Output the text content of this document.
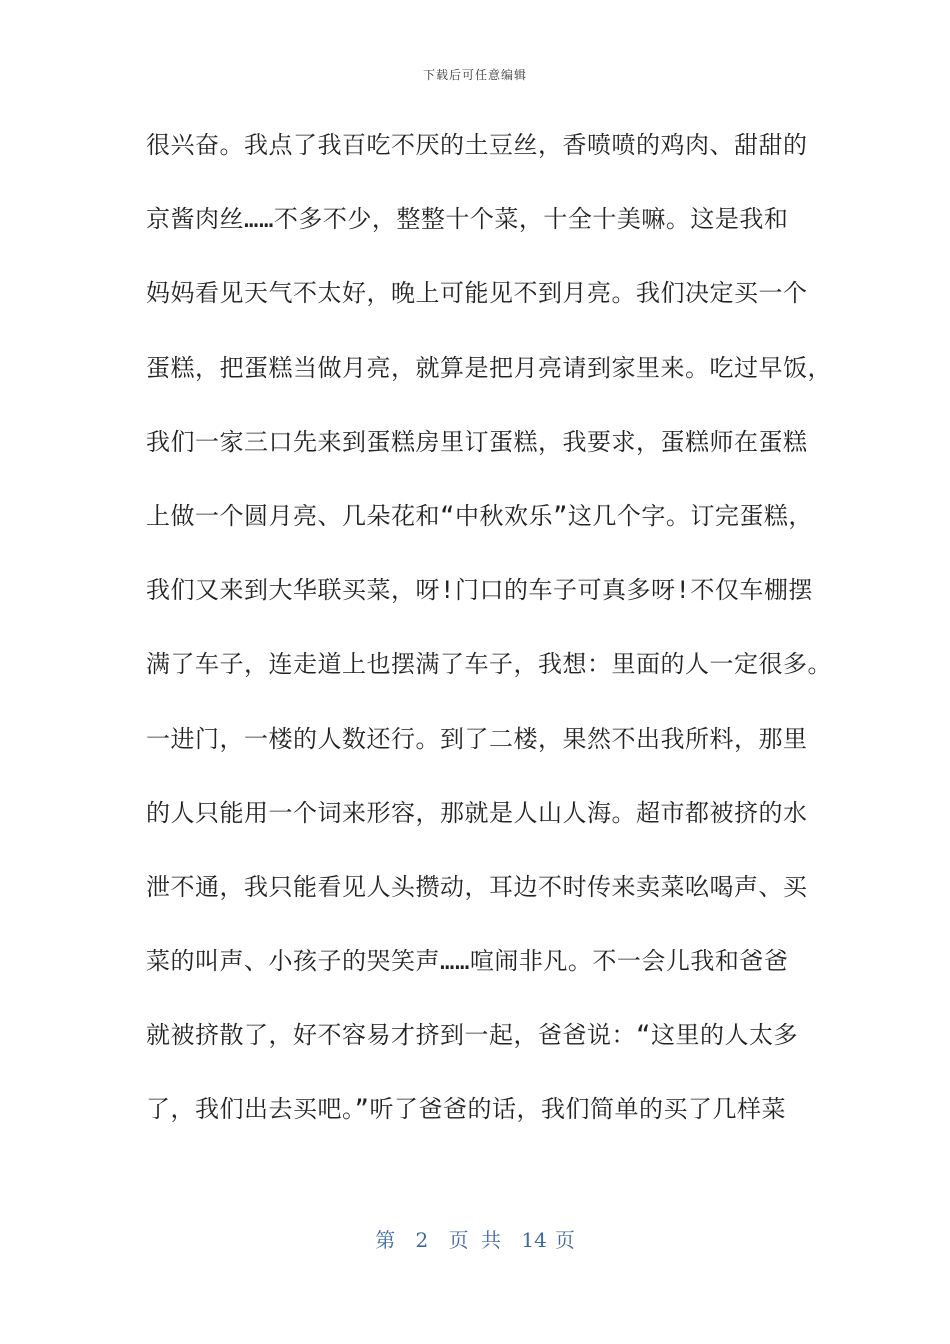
下载后可任意编辑
很兴奋。我点了我百吃不厌的土豆丝，香喷喷的鸡肉、甜甜的
京酱肉丝……不多不少，整整十个菜，十全十美嘛。这是我和
妈妈看见天气不太好，晚上可能见不到月亮。我们决定买一个
蛋糕，把蛋糕当做月亮，就算是把月亮请到家里来。吃过早饭，
我们一家三口先来到蛋糕房里订蛋糕，我要求，蛋糕师在蛋糕
上做一个圆月亮、几朵花和“中秋欢乐”这几个字。订完蛋糕，
我们又来到大华联买菜，呀!门口的车子可真多呀!不仅车棚摆
满了车子，连走道上也摆满了车子，我想：里面的人一定很多。
一进门，一楼的人数还行。到了二楼，果然不出我所料，那里
的人只能用一个词来形容，那就是人山人海。超市都被挤的水
泄不通，我只能看见人头攒动，耳边不时传来卖菜吆喝声、买
菜的叫声、小孩子的哭笑声……喧闹非凡。不一会儿我和爸爸
就被挤散了，好不容易才挤到一起，爸爸说：“这里的人太多
了，我们出去买吧。”听了爸爸的话，我们简单的买了几样菜
第 2 页 共 14 页
